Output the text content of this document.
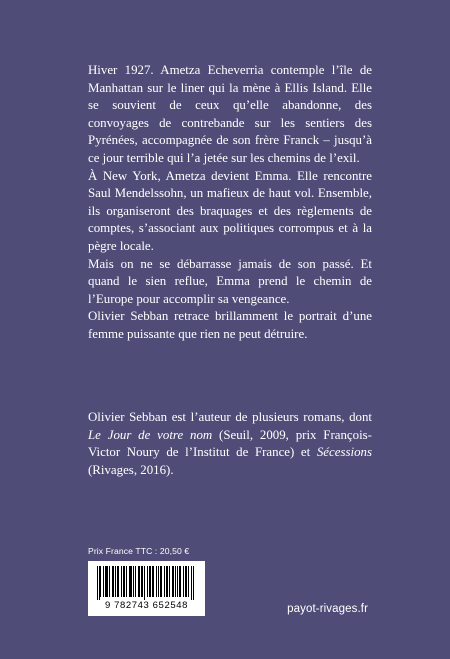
Hiver 1927. Ametza Echeverria contemple l’île de Manhattan sur le liner qui la mène à Ellis Island. Elle se souvient de ceux qu’elle abandonne, des convoyages de contrebande sur les sentiers des Pyrénées, accompagnée de son frère Franck – jusqu’à ce jour terrible qui l’a jetée sur les chemins de l’exil.

À New York, Ametza devient Emma. Elle rencontre Saul Mendelssohn, un mafieux de haut vol. Ensemble, ils organiseront des braquages et des règlements de comptes, s’associant aux politiques corrompus et à la pègre locale.

Mais on ne se débarrasse jamais de son passé. Et quand le sien reflue, Emma prend le chemin de l’Europe pour accomplir sa vengeance.

Olivier Sebban retrace brillamment le portrait d’une femme puissante que rien ne peut détruire.

Olivier Sebban est l’auteur de plusieurs romans, dont Le Jour de votre nom (Seuil, 2009, prix François-Victor Noury de l’Institut de France) et Sécessions (Rivages, 2016).

Prix France TTC : 20,50 €
9 782743 652548	payot-rivages.fr
